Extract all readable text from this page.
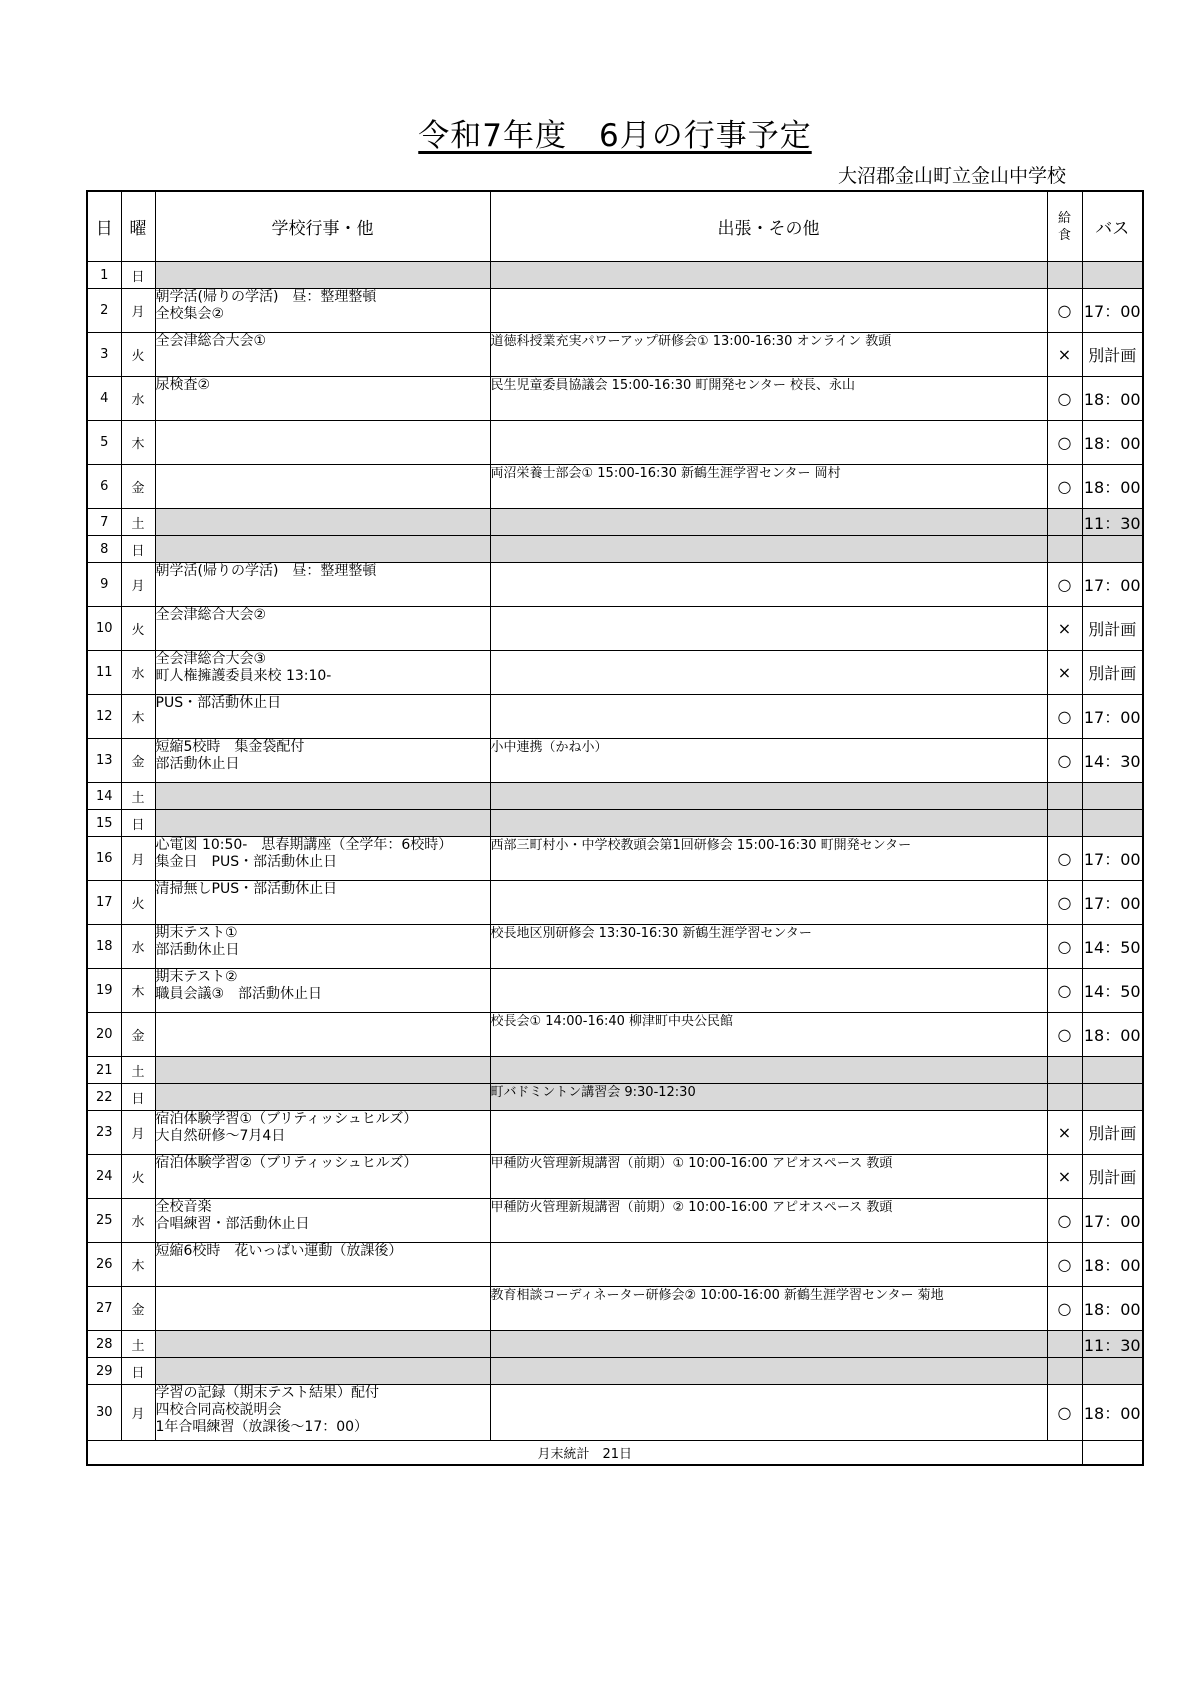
令和7年度　6月の行事予定
大沼郡金山町立金山中学校
日	曜	学校行事・他	出張・その他	給
食	バス
1	日				
2	月	朝学活(帰りの学活)　昼：整理整頓
全校集会②		○	17：00
3	火	全会津総合大会①	道徳科授業充実パワーアップ研修会① 13:00-16:30 オンライン 教頭	×	別計画
4	水	尿検査②	民生児童委員協議会 15:00-16:30 町開発センター 校長、永山	○	18：00
5	木			○	18：00
6	金		両沼栄養士部会① 15:00-16:30 新鶴生涯学習センター 岡村	○	18：00
7	土				11：30
8	日				
9	月	朝学活(帰りの学活)　昼：整理整頓		○	17：00
10	火	全会津総合大会②		×	別計画
11	水	全会津総合大会③
町人権擁護委員来校 13:10-		×	別計画
12	木	PUS・部活動休止日		○	17：00
13	金	短縮5校時　集金袋配付
部活動休止日	小中連携（かね小）	○	14：30
14	土				
15	日				
16	月	心電図 10:50-　思春期講座（全学年：6校時）
集金日　PUS・部活動休止日	西部三町村小・中学校教頭会第1回研修会 15:00-16:30 町開発センター	○	17：00
17	火	清掃無しPUS・部活動休止日		○	17：00
18	水	期末テスト①
部活動休止日	校長地区別研修会 13:30-16:30 新鶴生涯学習センター	○	14：50
19	木	期末テスト②
職員会議③　部活動休止日		○	14：50
20	金		校長会① 14:00-16:40 柳津町中央公民館	○	18：00
21	土				
22	日		町バドミントン講習会 9:30-12:30		
23	月	宿泊体験学習①（ブリティッシュヒルズ）
大自然研修～7月4日		×	別計画
24	火	宿泊体験学習②（ブリティッシュヒルズ）	甲種防火管理新規講習（前期）① 10:00-16:00 アピオスペース 教頭	×	別計画
25	水	全校音楽
合唱練習・部活動休止日	甲種防火管理新規講習（前期）② 10:00-16:00 アピオスペース 教頭	○	17：00
26	木	短縮6校時　花いっぱい運動（放課後）		○	18：00
27	金		教育相談コーディネーター研修会② 10:00-16:00 新鶴生涯学習センター 菊地	○	18：00
28	土				11：30
29	日				
30	月	学習の記録（期末テスト結果）配付
四校合同高校説明会
1年合唱練習（放課後～17：00）		○	18：00
月末統計　21日					
